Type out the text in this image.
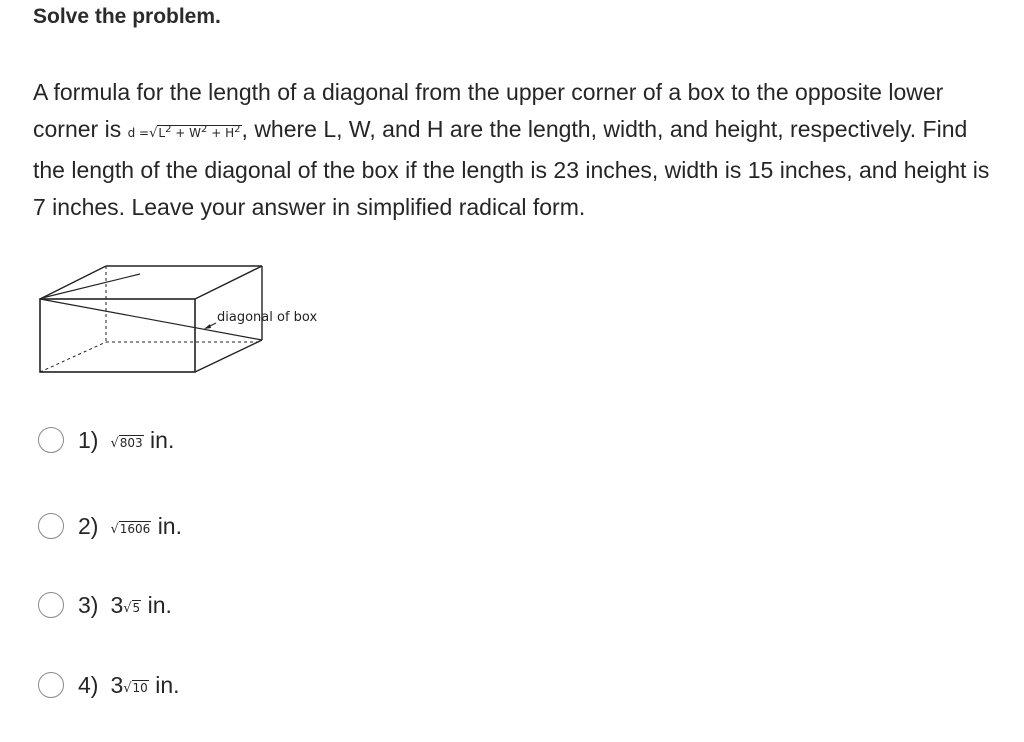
Solve the problem.
A formula for the length of a diagonal from the upper corner of a box to the opposite lower corner is $d =√L^2 + W^2 + H^2$, where L, W, and H are the length, width, and height, respectively. Find the length of the diagonal of the box if the length is 23 inches, width is 15 inches, and height is 7 inches. Leave your answer in simplified radical form.
diagonal of box
1) √803 in.
2) √1606 in.
3) 3√5 in.
4) 3√10 in.
